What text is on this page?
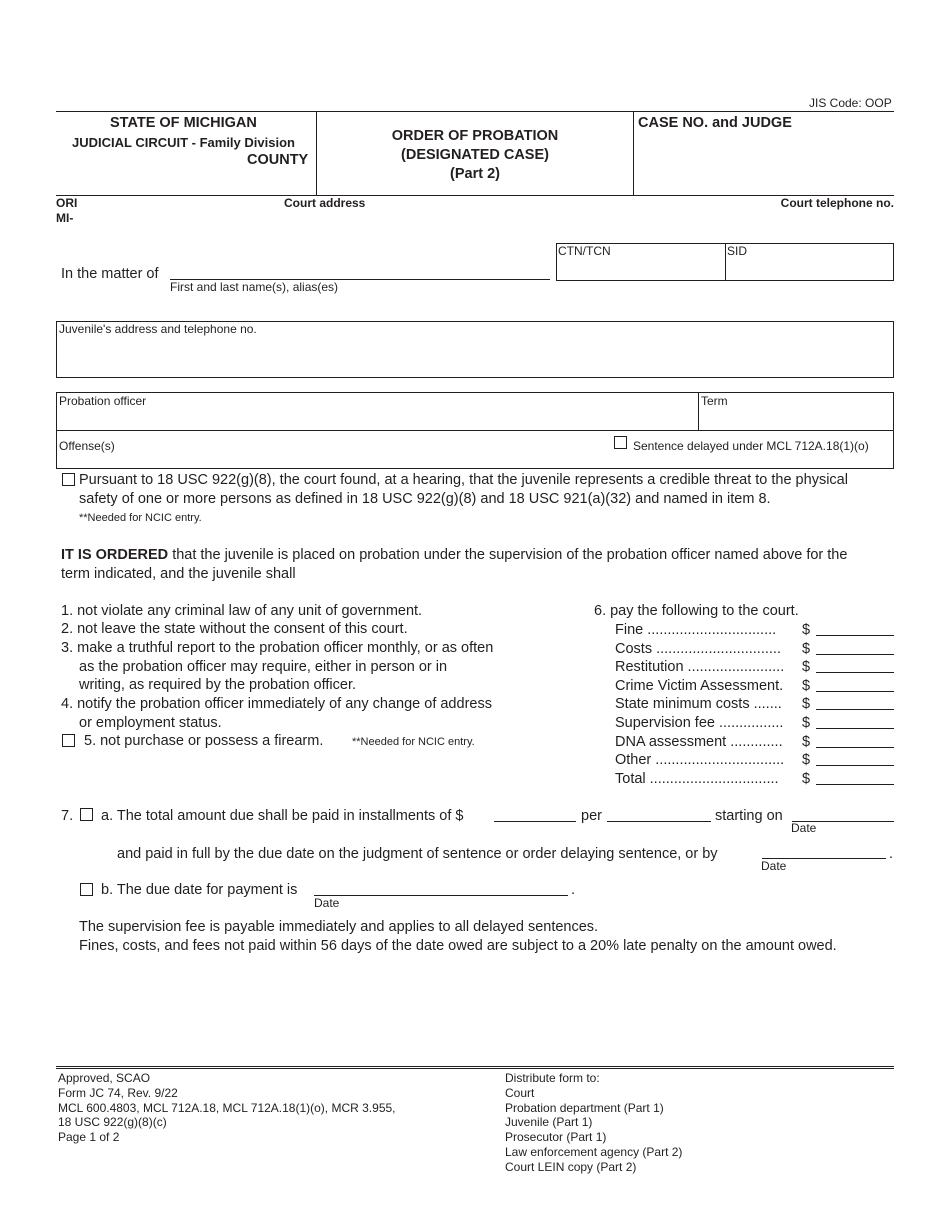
JIS Code: OOP
STATE OF MICHIGAN
JUDICIAL CIRCUIT - Family Division
COUNTY
ORDER OF PROBATION
(DESIGNATED CASE)
(Part 2)
CASE NO. and JUDGE
ORI
MI-
Court address	Court telephone no.
In the matter of
First and last name(s), alias(es)
CTN/TCN	SID
Juvenile's address and telephone no.
Probation officer	Term
Offense(s)	Sentence delayed under MCL 712A.18(1)(o)
Pursuant to 18 USC 922(g)(8), the court found, at a hearing, that the juvenile represents a credible threat to the physical
safety of one or more persons as defined in 18 USC 922(g)(8) and 18 USC 921(a)(32) and named in item 8.
**Needed for NCIC entry.
IT IS ORDERED that the juvenile is placed on probation under the supervision of the probation officer named above for the
term indicated, and the juvenile shall
1. not violate any criminal law of any unit of government.
2. not leave the state without the consent of this court.
3. make a truthful report to the probation officer monthly, or as often
as the probation officer may require, either in person or in
writing, as required by the probation officer.
4. notify the probation officer immediately of any change of address
or employment status.
5. not purchase or possess a firearm.	**Needed for NCIC entry.
6. pay the following to the court.
Fine ................................ $
Costs ............................... $
Restitution ........................ $
Crime Victim Assessment. $
State minimum costs ....... $
Supervision fee ................ $
DNA assessment ............. $
Other ................................ $
Total ................................ $
7. a. The total amount due shall be paid in installments of $	per	starting on
Date
and paid in full by the due date on the judgment of sentence or order delaying sentence, or by	.
Date
b. The due date for payment is	.
Date
The supervision fee is payable immediately and applies to all delayed sentences.
Fines, costs, and fees not paid within 56 days of the date owed are subject to a 20% late penalty on the amount owed.
Approved, SCAO
Form JC 74, Rev. 9/22
MCL 600.4803, MCL 712A.18, MCL 712A.18(1)(o), MCR 3.955,
18 USC 922(g)(8)(c)
Page 1 of 2
Distribute form to:
Court
Probation department (Part 1)
Juvenile (Part 1)
Prosecutor (Part 1)
Law enforcement agency (Part 2)
Court LEIN copy (Part 2)
